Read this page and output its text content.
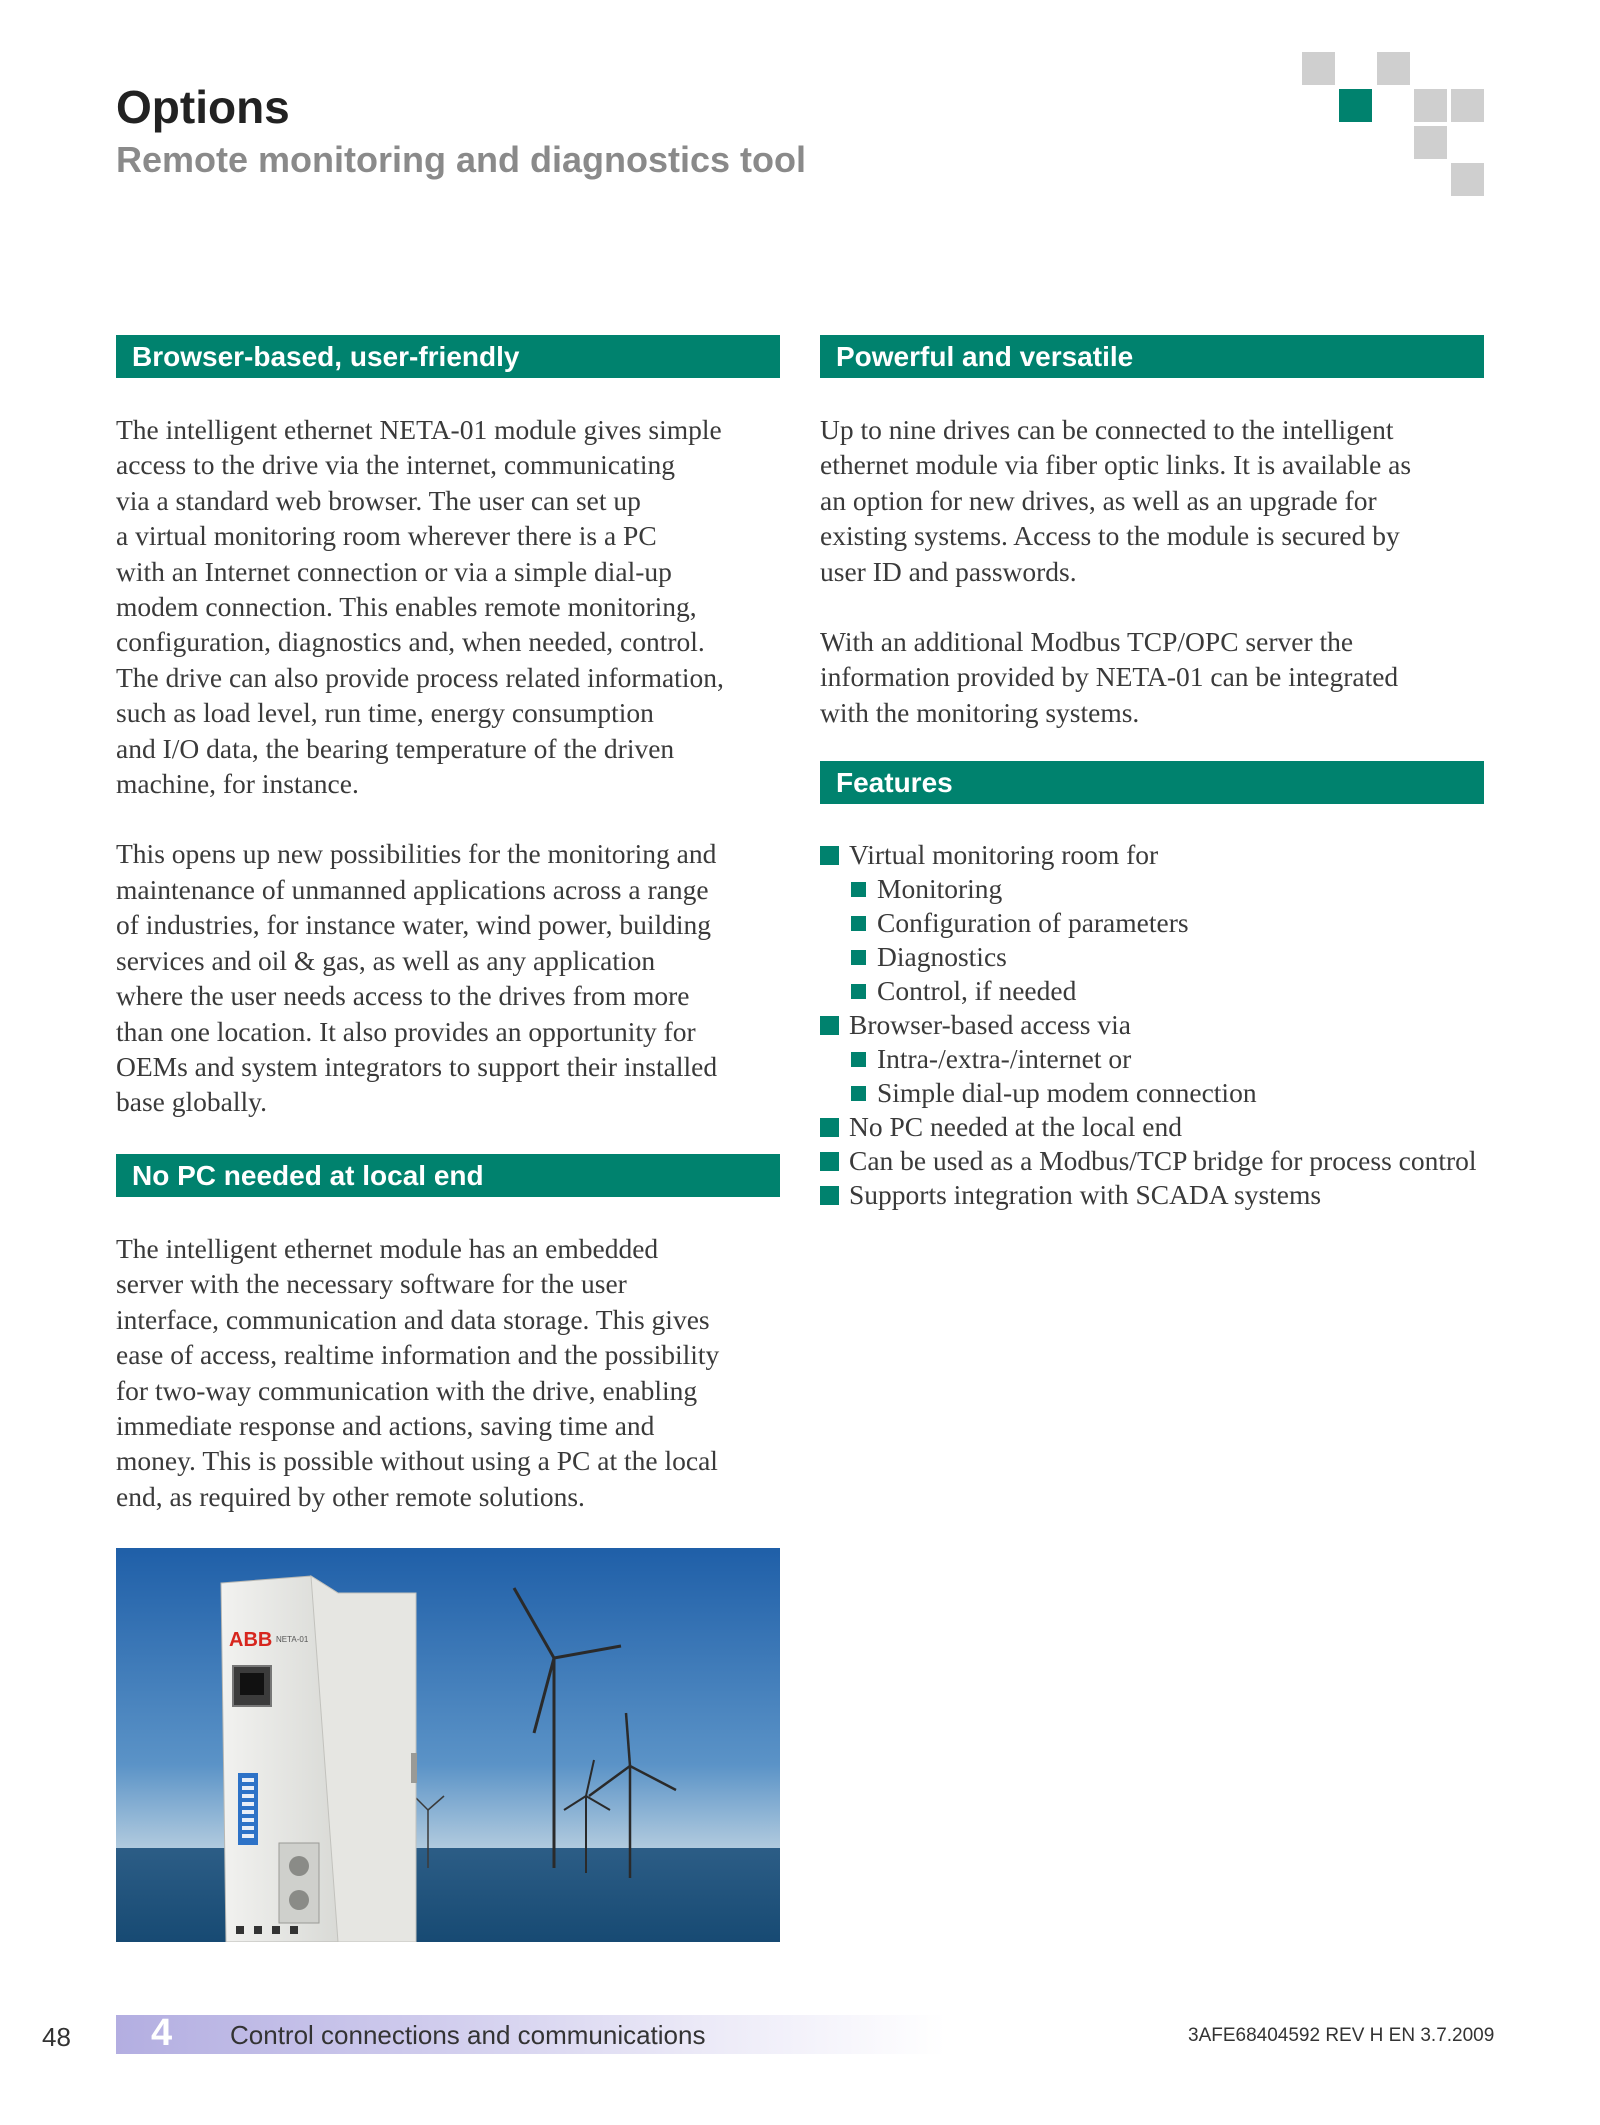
Options
Remote monitoring and diagnostics tool
Browser-based, user-friendly

The intelligent ethernet NETA-01 module gives simple
access to the drive via the internet, communicating
via a standard web browser. The user can set up
a virtual monitoring room wherever there is a PC
with an Internet connection or via a simple dial-up
modem connection. This enables remote monitoring,
configuration, diagnostics and, when needed, control.
The drive can also provide process related information,
such as load level, run time, energy consumption
and I/O data, the bearing temperature of the driven
machine, for instance.

This opens up new possibilities for the monitoring and
maintenance of unmanned applications across a range
of industries, for instance water, wind power, building
services and oil & gas, as well as any application
where the user needs access to the drives from more
than one location. It also provides an opportunity for
OEMs and system integrators to support their installed
base globally.

No PC needed at local end

The intelligent ethernet module has an embedded
server with the necessary software for the user
interface, communication and data storage. This gives
ease of access, realtime information and the possibility
for two-way communication with the drive, enabling
immediate response and actions, saving time and
money. This is possible without using a PC at the local
end, as required by other remote solutions.

ABB NETA-01
Powerful and versatile

Up to nine drives can be connected to the intelligent
ethernet module via fiber optic links. It is available as
an option for new drives, as well as an upgrade for
existing systems. Access to the module is secured by
user ID and passwords.

With an additional Modbus TCP/OPC server the
information provided by NETA-01 can be integrated
with the monitoring systems.

Features
Virtual monitoring room for
Monitoring
Configuration of parameters
Diagnostics
Control, if needed
Browser-based access via
Intra-/extra-/internet or
Simple dial-up modem connection
No PC needed at the local end
Can be used as a Modbus/TCP bridge for process control
Supports integration with SCADA systems
48 4 Control connections and communications	3AFE68404592 REV H EN 3.7.2009
